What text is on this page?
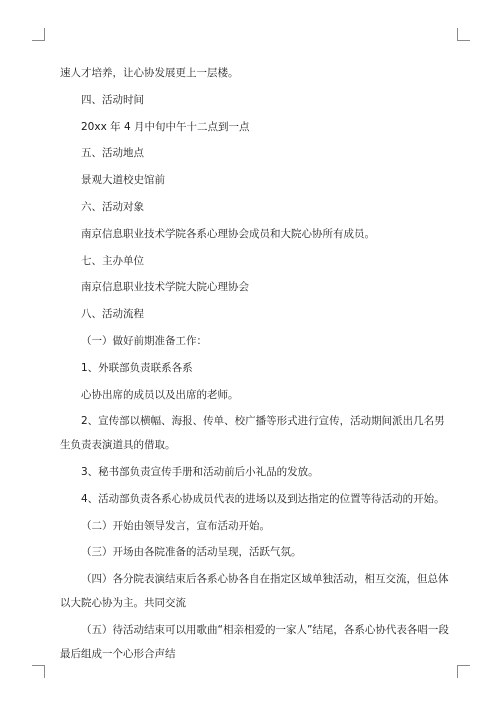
速人才培养，让心协发展更上一层楼。
四、活动时间
20xx 年 4 月中旬中午十二点到一点
五、活动地点
景观大道校史馆前
六、活动对象
南京信息职业技术学院各系心理协会成员和大院心协所有成员。
七、主办单位
南京信息职业技术学院大院心理协会
八、活动流程
（一）做好前期准备工作：
1、外联部负责联系各系
心协出席的成员以及出席的老师。
2、宣传部以横幅、海报、传单、校广播等形式进行宣传，活动期间派出几名男
生负责表演道具的借取。
3、秘书部负责宣传手册和活动前后小礼品的发放。
4、活动部负责各系心协成员代表的进场以及到达指定的位置等待活动的开始。
（二）开始由领导发言，宣布活动开始。
（三）开场由各院准备的活动呈现，活跃气氛。
（四）各分院表演结束后各系心协各自在指定区域单独活动，相互交流，但总体
以大院心协为主。共同交流
（五）待活动结束可以用歌曲“相亲相爱的一家人”结尾，各系心协代表各唱一段
最后组成一个心形合声结
